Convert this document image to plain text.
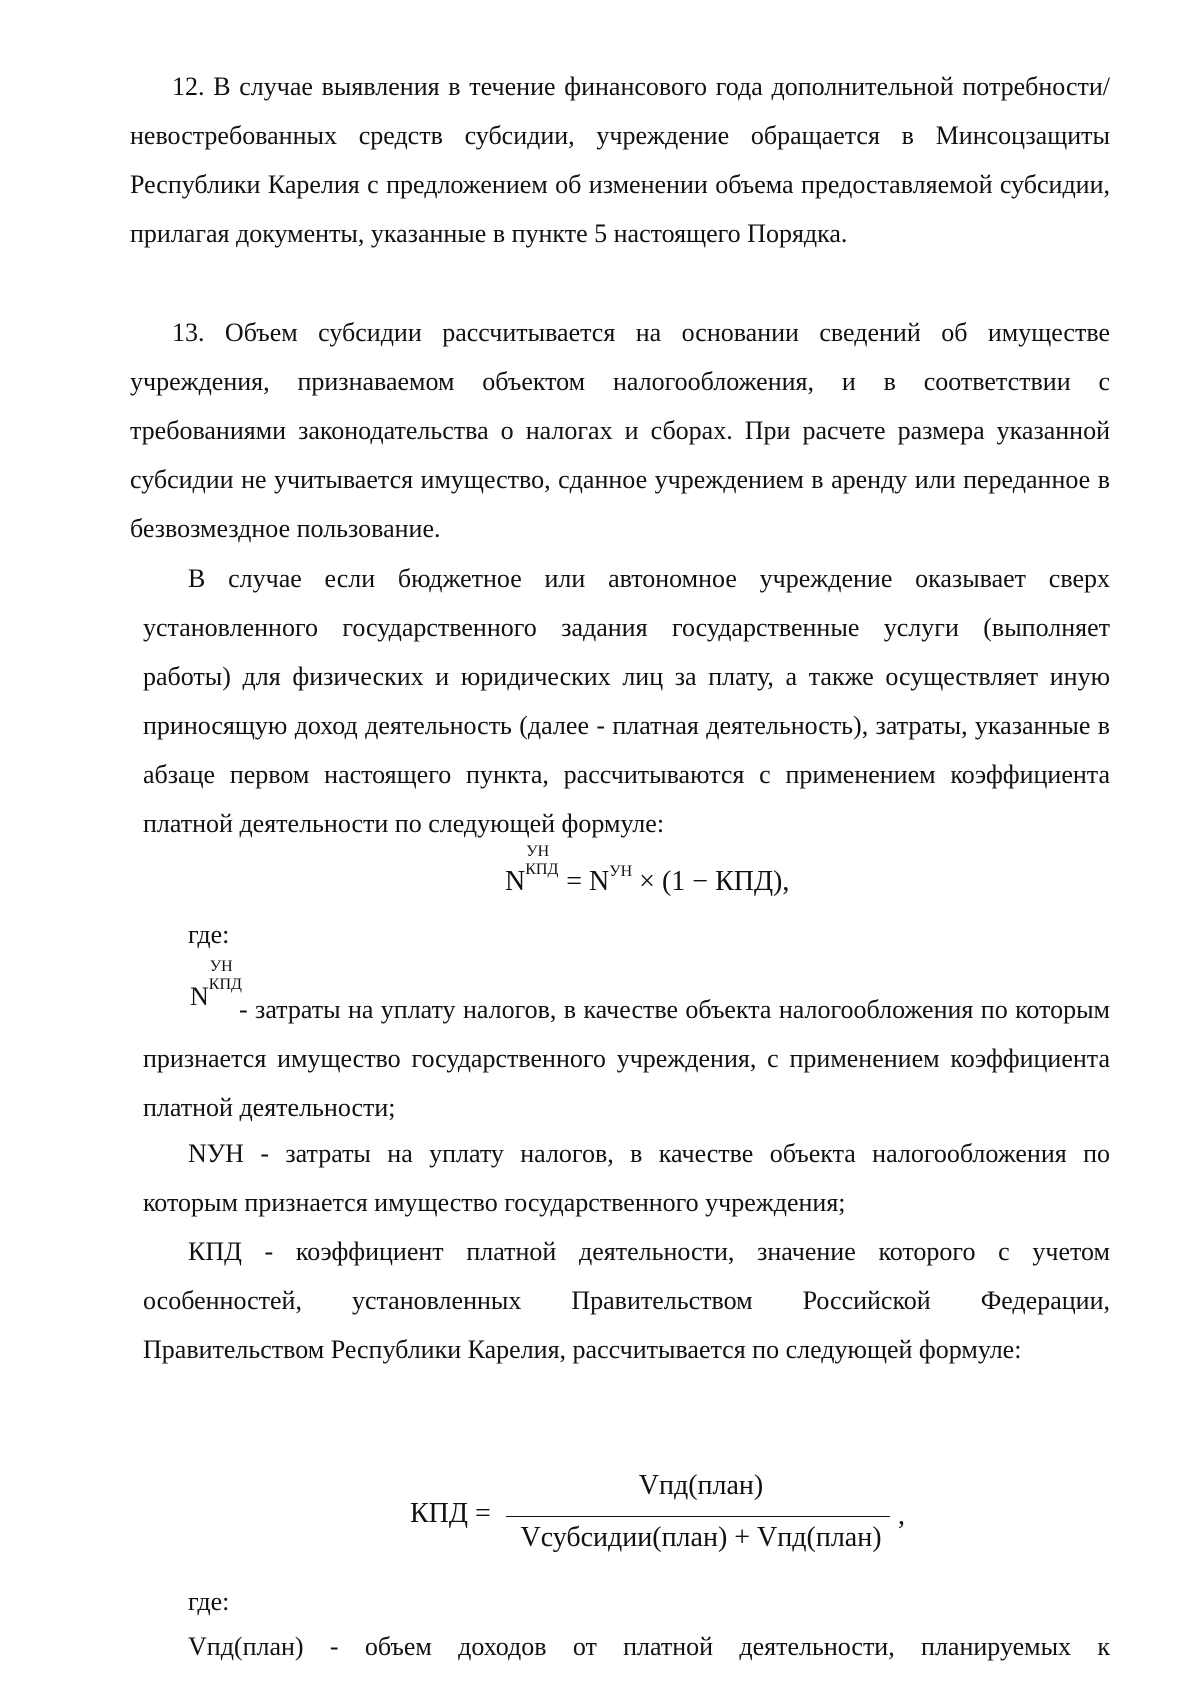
12. В случае выявления в течение финансового года дополнительной потребности/невостребованных средств субсидии, учреждение обращается в Минсоцзащиты Республики Карелия с предложением об изменении объема предоставляемой субсидии, прилагая документы, указанные в пункте 5 настоящего Порядка.

13. Объем субсидии рассчитывается на основании сведений об имуществе учреждения, признаваемом объектом налогообложения, и в соответствии с требованиями законодательства о налогах и сборах. При расчете размера указанной субсидии не учитывается имущество, сданное учреждением в аренду или переданное в безвозмездное пользование.

В случае если бюджетное или автономное учреждение оказывает сверх установленного государственного задания государственные услуги (выполняет работы) для физических и юридических лиц за плату, а также осуществляет иную приносящую доход деятельность (далее - платная деятельность), затраты, указанные в абзаце первом настоящего пункта, рассчитываются с применением коэффициента платной деятельности по следующей формуле:

N
УН
КПД = $N^{УН} \times (1 - КПД)$,
где:
N
УН
КПД

- затраты на уплату налогов, в качестве объекта налогообложения по которым признается имущество государственного учреждения, с применением коэффициента платной деятельности;

NУН - затраты на уплату налогов, в качестве объекта налогообложения по которым признается имущество государственного учреждения;

КПД - коэффициент платной деятельности, значение которого с учетом особенностей, установленных Правительством Российской Федерации, Правительством Республики Карелия, рассчитывается по следующей формуле:

КПД =
Vпд(план)
Vсубсидии(план) + Vпд(план)
,
где:

Vпд(план) - объем доходов от платной деятельности, планируемых к
